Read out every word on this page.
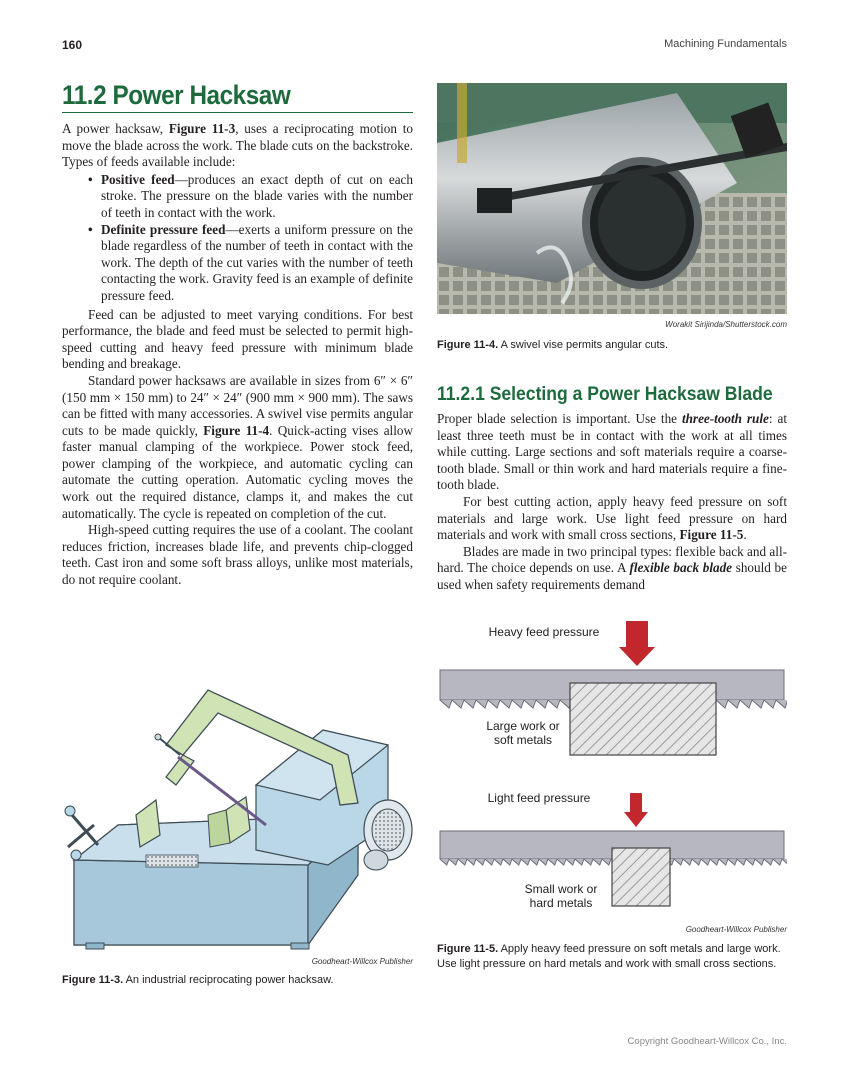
160	Machining Fundamentals
11.2 Power Hacksaw

A power hacksaw, Figure 11-3, uses a reciprocating motion to move the blade across the work. The blade cuts on the backstroke. Types of feeds available include:

• Positive feed—produces an exact depth of cut on each stroke. The pressure on the blade varies with the number of teeth in contact with the work.
• Definite pressure feed—exerts a uniform pressure on the blade regardless of the number of teeth in contact with the work. The depth of the cut varies with the number of teeth contacting the work. Gravity feed is an example of definite pressure feed.

Feed can be adjusted to meet varying conditions. For best performance, the blade and feed must be selected to permit high-speed cutting and heavy feed pressure with minimum blade bending and breakage.

Standard power hacksaws are available in sizes from 6″ × 6″ (150 mm × 150 mm) to 24″ × 24″ (900 mm × 900 mm). The saws can be fitted with many accessories. A swivel vise permits angular cuts to be made quickly, Figure 11-4. Quick-acting vises allow faster manual clamping of the workpiece. Power stock feed, power clamping of the workpiece, and automatic cycling can automate the cutting operation. Automatic cycling moves the work out the required distance, clamps it, and makes the cut automatically. The cycle is repeated on completion of the cut.

High-speed cutting requires the use of a coolant. The coolant reduces friction, increases blade life, and prevents chip-clogged teeth. Cast iron and some soft brass alloys, unlike most materials, do not require coolant.

Worakit Sirijinda/Shutterstock.com
Figure 11-4. A swivel vise permits angular cuts.
11.2.1 Selecting a Power Hacksaw Blade

Proper blade selection is important. Use the three-tooth rule: at least three teeth must be in contact with the work at all times while cutting. Large sections and soft materials require a coarse-tooth blade. Small or thin work and hard materials require a fine-tooth blade.

For best cutting action, apply heavy feed pressure on soft materials and large work. Use light feed pressure on hard materials and work with small cross sections, Figure 11-5.

Blades are made in two principal types: flexible back and all-hard. The choice depends on use. A flexible back blade should be used when safety requirements demand

Heavy feed pressure
Large work or
soft metals
Light feed pressure
Small work or
hard metals
Goodheart-Willcox Publisher
Figure 11-5. Apply heavy feed pressure on soft metals and large work. Use light pressure on hard metals and work with small cross sections.
Goodheart-Willcox Publisher
Figure 11-3. An industrial reciprocating power hacksaw.
Copyright Goodheart-Willcox Co., Inc.
